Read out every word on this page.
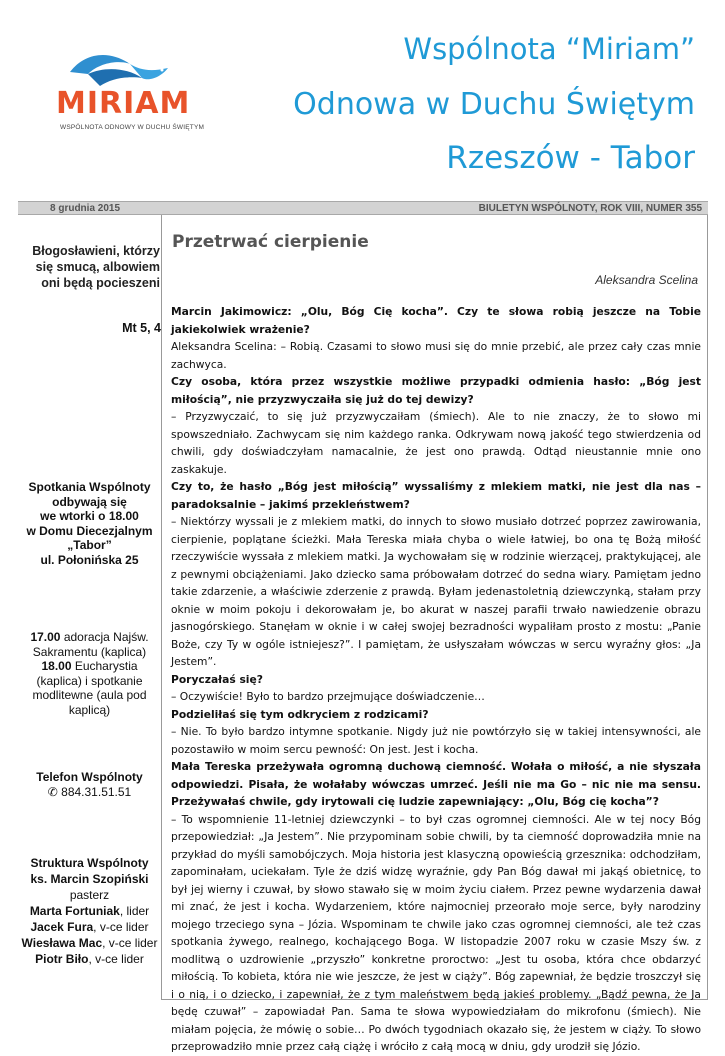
MIRIAM
WSPÓLNOTA ODNOWY W DUCHU ŚWIĘTYM
Wspólnota “Miriam”
Odnowa w Duchu Świętym
Rzeszów - Tabor
8 grudnia 2015	BIULETYN WSPÓLNOTY, ROK VIII, NUMER 355
Błogosławieni, którzy się smucą, albowiem oni będą pocieszeni
Mt 5, 4
Spotkania Wspólnoty
odbywają się
we wtorki o 18.00
w Domu Diecezjalnym
„Tabor”
ul. Połonińska 25
17.00 adoracja Najśw. Sakramentu (kaplica)
18.00 Eucharystia (kaplica) i spotkanie modlitewne (aula pod kaplicą)
Telefon Wspólnoty
✆ 884.31.51.51
Struktura Wspólnoty
ks. Marcin Szopiński
pasterz
Marta Fortuniak, lider
Jacek Fura, v-ce lider
Wiesława Mac, v-ce lider
Piotr Biło, v-ce lider
Przetrwać cierpienie
Aleksandra Scelina

Marcin Jakimowicz: „Olu, Bóg Cię kocha”. Czy te słowa robią jeszcze na Tobie jakiekolwiek wrażenie?

Aleksandra Scelina: – Robią. Czasami to słowo musi się do mnie przebić, ale przez cały czas mnie zachwyca.

Czy osoba, która przez wszystkie możliwe przypadki odmienia hasło: „Bóg jest miłością”, nie przyzwyczaiła się już do tej dewizy?

– Przyzwyczaić, to się już przyzwyczaiłam (śmiech). Ale to nie znaczy, że to słowo mi spowszedniało. Zachwycam się nim każdego ranka. Odkrywam nową jakość tego stwierdzenia od chwili, gdy doświadczyłam namacalnie, że jest ono prawdą. Odtąd nieustannie mnie ono zaskakuje.

Czy to, że hasło „Bóg jest miłością” wyssaliśmy z mlekiem matki, nie jest dla nas – paradoksalnie – jakimś przekleństwem?

– Niektórzy wyssali je z mlekiem matki, do innych to słowo musiało dotrzeć poprzez zawirowania, cierpienie, poplątane ścieżki. Mała Tereska miała chyba o wiele łatwiej, bo ona tę Bożą miłość rzeczywiście wyssała z mlekiem matki. Ja wychowałam się w rodzinie wierzącej, praktykującej, ale z pewnymi obciążeniami. Jako dziecko sama próbowałam dotrzeć do sedna wiary. Pamiętam jedno takie zdarzenie, a właściwie zderzenie z prawdą. Byłam jedenastoletnią dziewczynką, stałam przy oknie w moim pokoju i dekorowałam je, bo akurat w naszej parafii trwało nawiedzenie obrazu jasnogórskiego. Stanęłam w oknie i w całej swojej bezradności wypaliłam prosto z mostu: „Panie Boże, czy Ty w ogóle istniejesz?”. I pamiętam, że usłyszałam wówczas w sercu wyraźny głos: „Ja Jestem”.

Poryczałaś się?

– Oczywiście! Było to bardzo przejmujące doświadczenie…

Podzieliłaś się tym odkryciem z rodzicami?

– Nie. To było bardzo intymne spotkanie. Nigdy już nie powtórzyło się w takiej intensywności, ale pozostawiło w moim sercu pewność: On jest. Jest i kocha.

Mała Tereska przeżywała ogromną duchową ciemność. Wołała o miłość, a nie słyszała odpowiedzi. Pisała, że wołałaby wówczas umrzeć. Jeśli nie ma Go – nic nie ma sensu. Przeżywałaś chwile, gdy irytowali cię ludzie zapewniający: „Olu, Bóg cię kocha”?

– To wspomnienie 11-letniej dziewczynki – to był czas ogromnej ciemności. Ale w tej nocy Bóg przepowiedział: „Ja Jestem”. Nie przypominam sobie chwili, by ta ciemność doprowadziła mnie na przykład do myśli samobójczych. Moja historia jest klasyczną opowieścią grzesznika: odchodziłam, zapominałam, uciekałam. Tyle że dziś widzę wyraźnie, gdy Pan Bóg dawał mi jakąś obietnicę, to był jej wierny i czuwał, by słowo stawało się w moim życiu ciałem. Przez pewne wydarzenia dawał mi znać, że jest i kocha. Wydarzeniem, które najmocniej przeorało moje serce, były narodziny mojego trzeciego syna – Józia. Wspominam te chwile jako czas ogromnej ciemności, ale też czas spotkania żywego, realnego, kochającego Boga. W listopadzie 2007 roku w czasie Mszy św. z modlitwą o uzdrowienie „przyszło” konkretne proroctwo: „Jest tu osoba, która chce obdarzyć miłością. To kobieta, która nie wie jeszcze, że jest w ciąży”. Bóg zapewniał, że będzie troszczył się i o nią, i o dziecko, i zapewniał, że z tym maleństwem będą jakieś problemy. „Bądź pewna, że Ja będę czuwał” – zapowiadał Pan. Sama te słowa wypowiedziałam do mikrofonu (śmiech). Nie miałam pojęcia, że mówię o sobie… Po dwóch tygodniach okazało się, że jestem w ciąży. To słowo przeprowadziło mnie przez całą ciążę i wróciło z całą mocą w dniu, gdy urodził się Józio.
